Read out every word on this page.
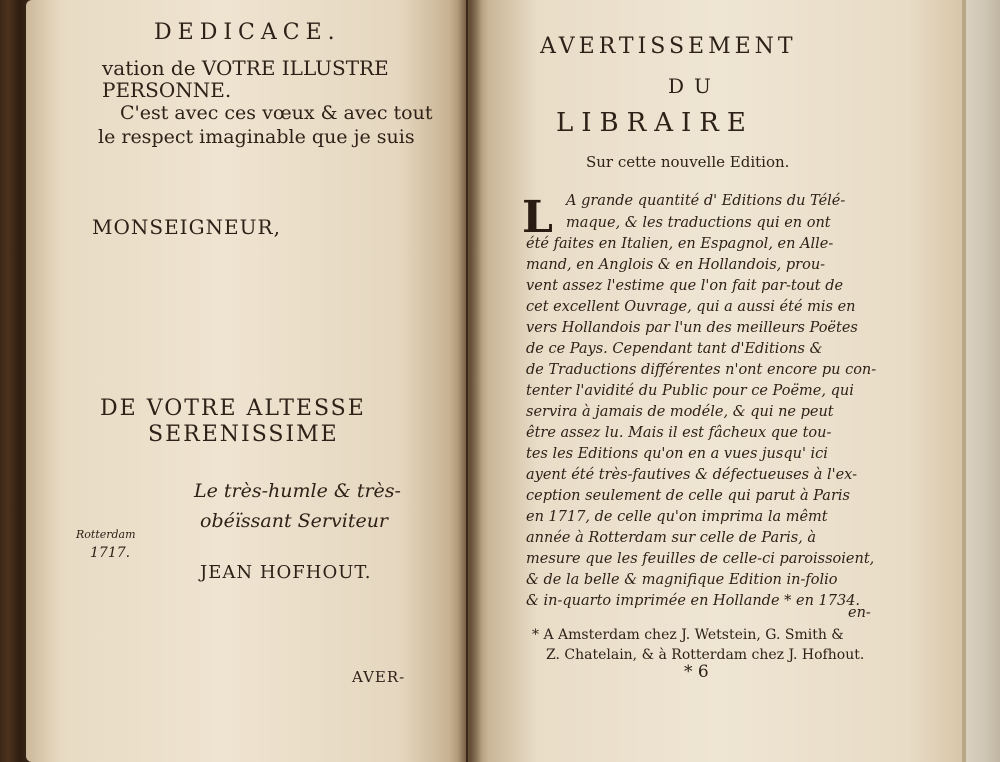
DEDICACE.
vation de VOTRE ILLUSTRE
PERSONNE.
C'est avec ces vœux & avec tout
le respect imaginable que je suis
MONSEIGNEUR,
DE VOTRE ALTESSE
SERENISSIME
Le très-humle & très-
obéïssant Serviteur
Rotterdam
1717.
JEAN HOFHOUT.
AVER-
AVERTISSEMENT
DU
LIBRAIRE
Sur cette nouvelle Edition.
L A grande quantité d' Editions du Télé-
maque, & les traductions qui en ont
été faites en Italien, en Espagnol, en Alle-
mand, en Anglois & en Hollandois, prou-
vent assez l'estime que l'on fait par-tout de
cet excellent Ouvrage, qui a aussi été mis en
vers Hollandois par l'un des meilleurs Poëtes
de ce Pays. Cependant tant d'Editions &
de Traductions différentes n'ont encore pu con-
tenter l'avidité du Public pour ce Poëme, qui
servira à jamais de modéle, & qui ne peut
être assez lu. Mais il est fâcheux que tou-
tes les Editions qu'on en a vues jusqu' ici
ayent été très-fautives & défectueuses à l'ex-
ception seulement de celle qui parut à Paris
en 1717, de celle qu'on imprima la mêmt
année à Rotterdam sur celle de Paris, à
mesure que les feuilles de celle-ci paroissoient,
& de la belle & magnifique Edition in-folio
& in-quarto imprimée en Hollande * en 1734.
en-
* A Amsterdam chez J. Wetstein, G. Smith &
Z. Chatelain, & à Rotterdam chez J. Hofhout.
* 6
